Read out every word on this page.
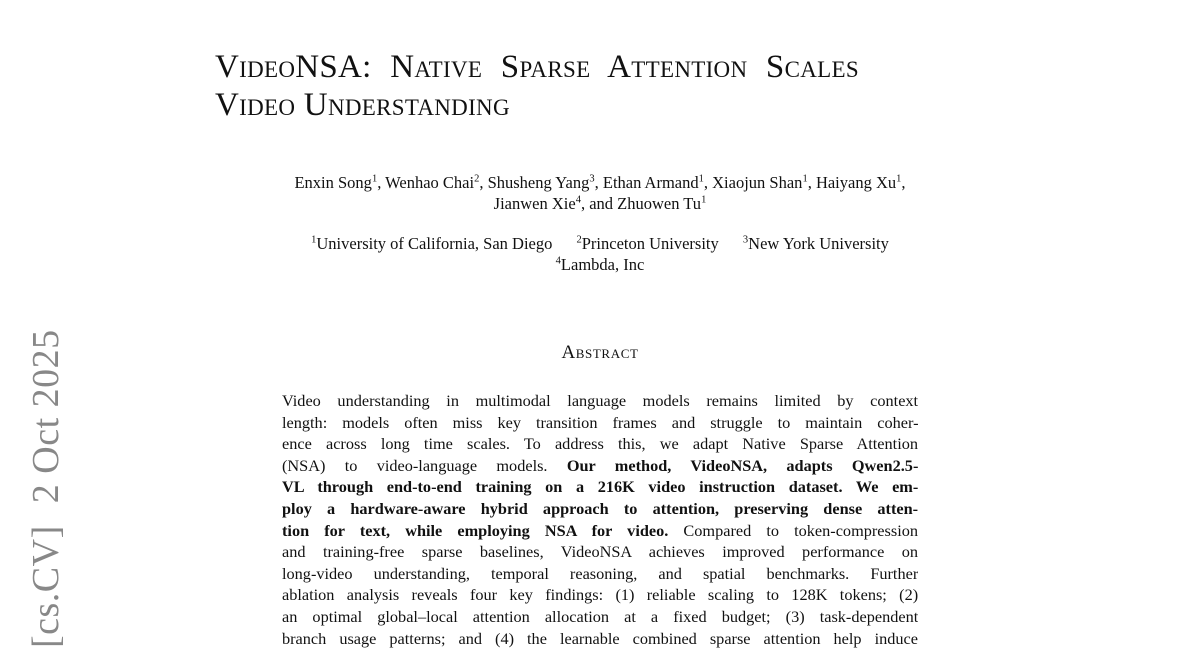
[cs.CV]2 Oct 2025
VideoNSA: Native Sparse Attention Scales
Video Understanding
Enxin Song$^1$, Wenhao Chai$^2$, Shusheng Yang$^3$, Ethan Armand$^1$, Xiaojun Shan$^1$, Haiyang Xu$^1$,
Jianwen Xie$^4$, and Zhuowen Tu$^1$
$^1$University of California, San Diego $^2$Princeton University $^3$New York University
$^4$Lambda, Inc
Abstract
Video understanding in multimodal language models remains limited by context
length: models often miss key transition frames and struggle to maintain coher-
ence across long time scales. To address this, we adapt Native Sparse Attention
(NSA) to video-language models. Our method, VideoNSA, adapts Qwen2.5-
VL through end-to-end training on a 216K video instruction dataset. We em-
ploy a hardware-aware hybrid approach to attention, preserving dense atten-
tion for text, while employing NSA for video. Compared to token-compression
and training-free sparse baselines, VideoNSA achieves improved performance on
long-video understanding, temporal reasoning, and spatial benchmarks. Further
ablation analysis reveals four key findings: (1) reliable scaling to 128K tokens; (2)
an optimal global–local attention allocation at a fixed budget; (3) task-dependent
branch usage patterns; and (4) the learnable combined sparse attention help induce
